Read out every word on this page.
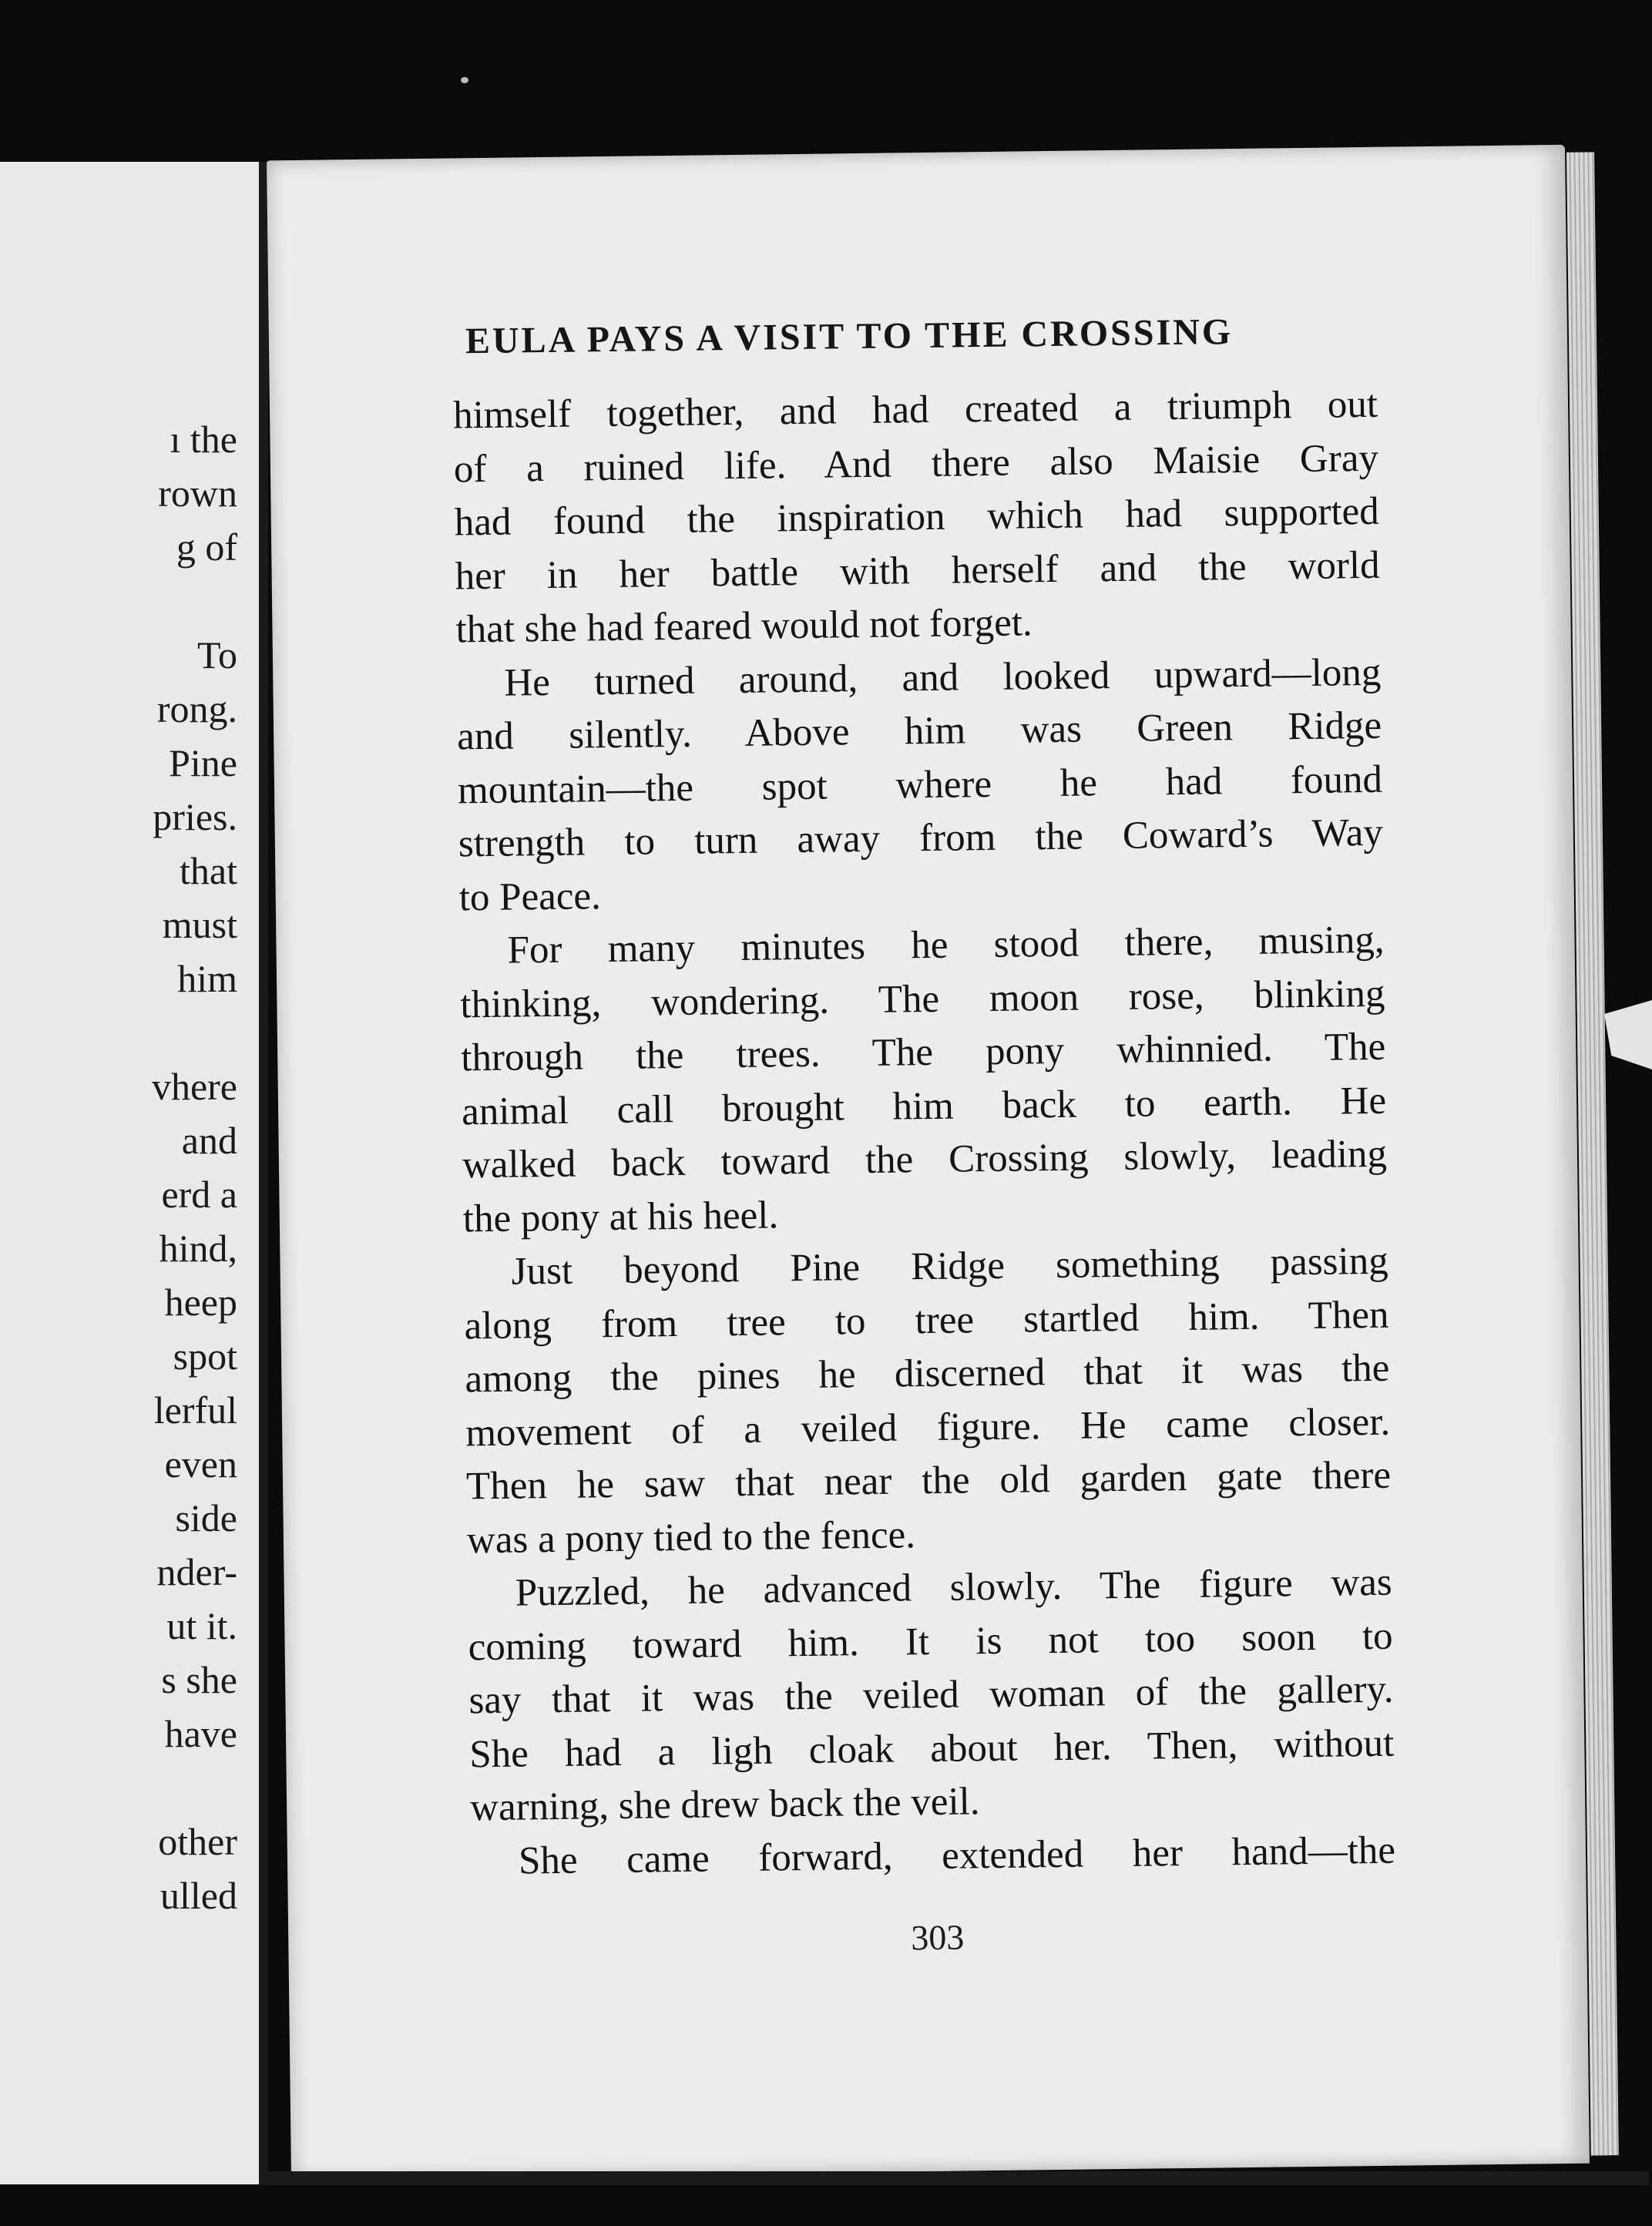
ı the
rown
g of
To
rong.
Pine
pries.
that
must
him
vhere
and
erd a
hind,
heep
spot
lerful
even
side
nder-
ut it.
s she
have
other
ulled
EULA PAYS A VISIT TO THE CROSSING
himself together, and had created a triumph out
of a ruined life. And there also Maisie Gray
had found the inspiration which had supported
her in her battle with herself and the world
that she had feared would not forget.
He turned around, and looked upward—long
and silently. Above him was Green Ridge
mountain—the spot where he had found
strength to turn away from the Coward’s Way
to Peace.
For many minutes he stood there, musing,
thinking, wondering. The moon rose, blinking
through the trees. The pony whinnied. The
animal call brought him back to earth. He
walked back toward the Crossing slowly, leading
the pony at his heel.
Just beyond Pine Ridge something passing
along from tree to tree startled him. Then
among the pines he discerned that it was the
movement of a veiled figure. He came closer.
Then he saw that near the old garden gate there
was a pony tied to the fence.
Puzzled, he advanced slowly. The figure was
coming toward him. It is not too soon to
say that it was the veiled woman of the gallery.
She had a ligh cloak about her. Then, without
warning, she drew back the veil.
She came forward, extended her hand—the

303
